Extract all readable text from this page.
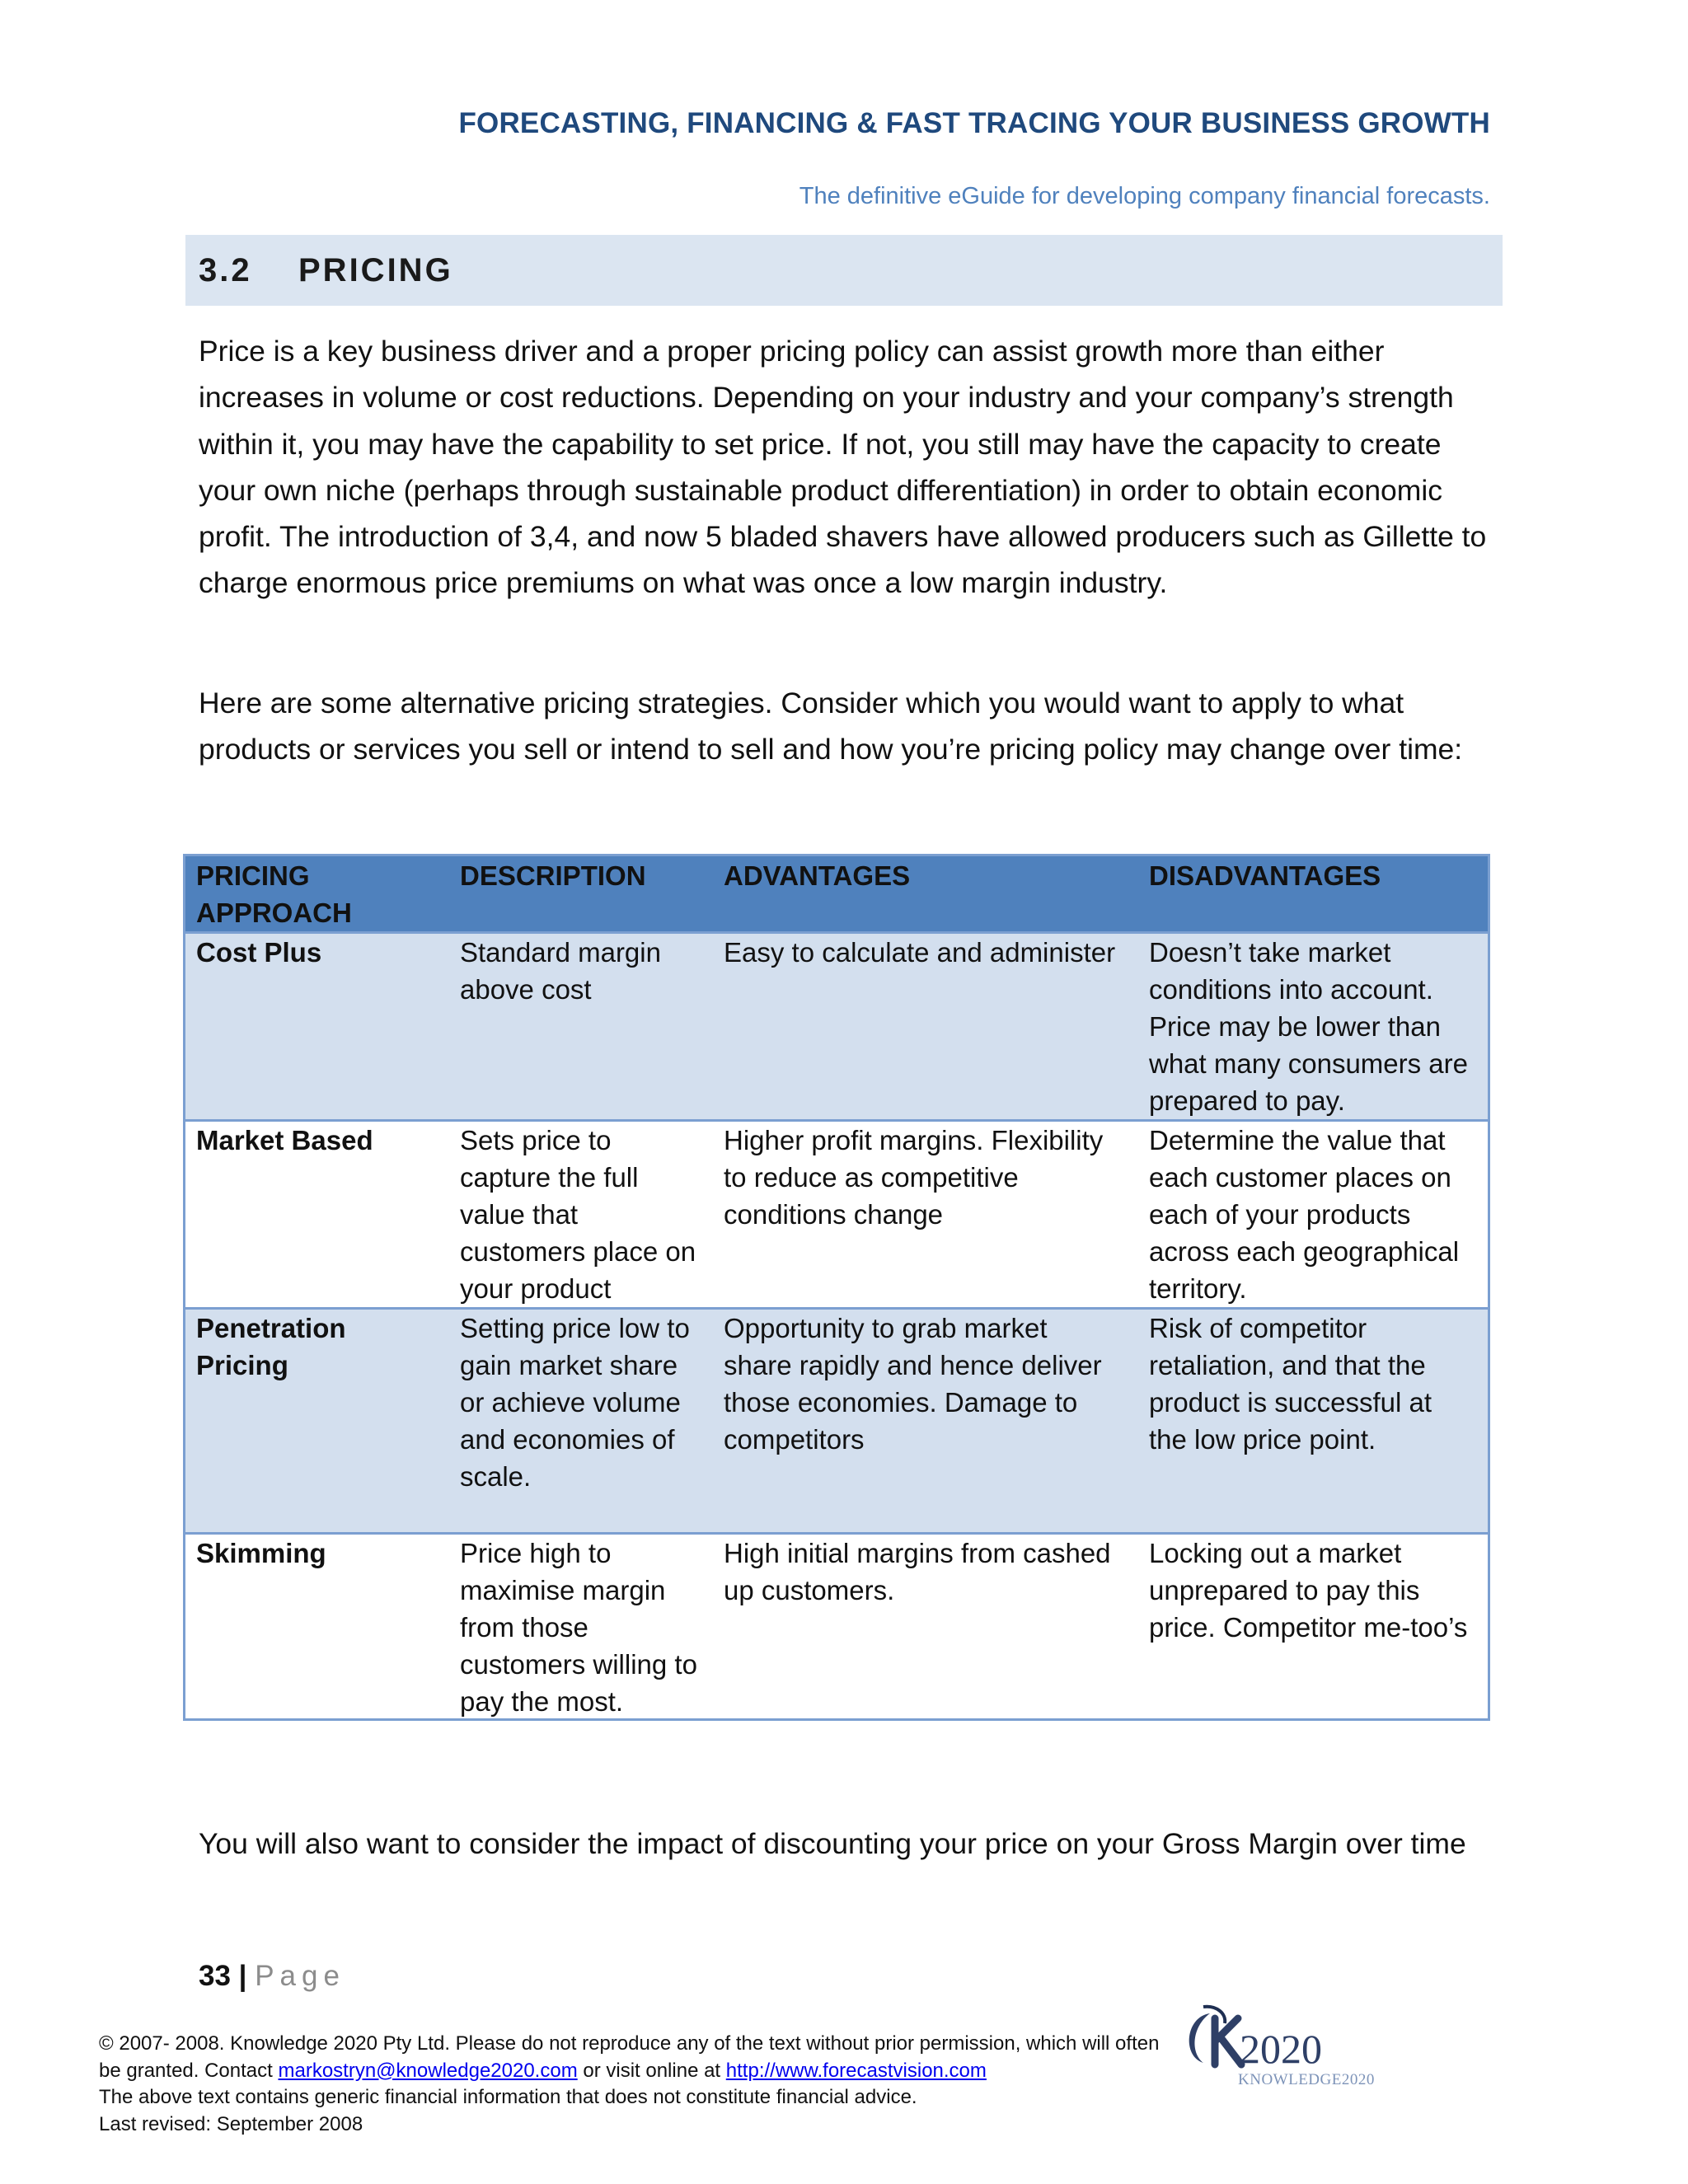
FORECASTING, FINANCING & FAST TRACING YOUR BUSINESS GROWTH
The definitive eGuide for developing company financial forecasts.
3.2	PRICING

Price is a key business driver and a proper pricing policy can assist growth more than either increases in volume or cost reductions. Depending on your industry and your company’s strength within it, you may have the capability to set price. If not, you still may have the capacity to create your own niche (perhaps through sustainable product differentiation) in order to obtain economic profit. The introduction of 3,4, and now 5 bladed shavers have allowed producers such as Gillette to charge enormous price premiums on what was once a low margin industry.

Here are some alternative pricing strategies. Consider which you would want to apply to what products or services you sell or intend to sell and how you’re pricing policy may change over time:

PRICING APPROACH	DESCRIPTION	ADVANTAGES	DISADVANTAGES
Cost Plus	Standard margin above cost	Easy to calculate and administer	Doesn’t take market conditions into account. Price may be lower than what many consumers are prepared to pay.
Market Based	Sets price to capture the full value that customers place on your product	Higher profit margins. Flexibility to reduce as competitive conditions change	Determine the value that each customer places on each of your products across each geographical territory.
Penetration Pricing	Setting price low to gain market share or achieve volume and economies of scale.	Opportunity to grab market share rapidly and hence deliver those economies. Damage to competitors	Risk of competitor retaliation, and that the product is successful at the low price point.
Skimming	Price high to maximise margin from those customers willing to pay the most.	High initial margins from cashed up customers.	Locking out a market unprepared to pay this price. Competitor me-too’s

You will also want to consider the impact of discounting your price on your Gross Margin over time

33 | Page
© 2007- 2008. Knowledge 2020 Pty Ltd. Please do not reproduce any of the text without prior permission, which will often be granted. Contact markostryn@knowledge2020.com or visit online at http://www.forecastvision.com
The above text contains generic financial information that does not constitute financial advice.
Last revised: September 2008
2020
KNOWLEDGE2020
